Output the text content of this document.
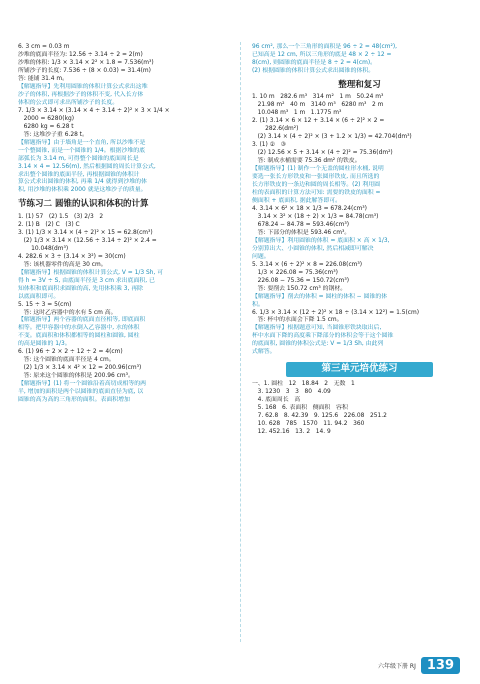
6. 3 cm = 0.03 m
沙堆的底面半径为: 12.56 ÷ 3.14 ÷ 2 = 2(m)
沙堆的体积: 1/3 × 3.14 × 2² × 1.8 = 7.536(m³)
所铺沙子的长度: 7.536 ÷ (8 × 0.03) = 31.4(m)
答: 能铺 31.4 m。
【解题指导】先利用圆锥的体积计算公式求出这堆
沙子的体积, 再根据沙子的体积不变, 代入长方体
体积的公式即可求出所铺沙子的长度。
7. 1/3 × 3.14 × (3.14 × 4 ÷ 3.14 ÷ 2)² × 3 × 1/4 ×
2000 = 6280(kg)
6280 kg = 6.28 t
答: 这堆沙子重 6.28 t。
【解题指导】由于墙角是一个直角, 所以沙堆不是
一个整圆锥, 而是一个圆锥的 1/4。根据沙堆的底
部弧长为 3.14 m, 可得整个圆锥的底面周长是
3.14 × 4 = 12.56(m), 然后根据圆的周长计算公式,
求出整个圆锥的底面半径, 再根据圆锥的体积计
算公式求出圆锥的体积, 再乘 1/4 就得到沙堆的体
积, 用沙堆的体积乘 2000 就是这堆沙子的质量。
节练习二 圆锥的认识和体积的计算
1. (1) 57   (2) 1.5   (3) 2/3   2
2. (1) B   (2) C   (3) C
3. (1) 1/3 × 3.14 × (4 ÷ 2)² × 15 = 62.8(cm³)
(2) 1/3 × 3.14 × (12.56 ÷ 3.14 ÷ 2)² × 2.4 =
10.048(dm³)
4. 282.6 × 3 ÷ (3.14 × 3²) = 30(cm)
答: 该机器零件的高是 30 cm。
【解题指导】根据圆锥的体积计算公式, V = 1/3 Sh, 可
得 h = 3V ÷ S, 由底面半径是 3 cm 求出底面积, 已
知体积和底面积求圆锥的高, 先用体积乘 3, 再除
以底面积即可。
5. 15 ÷ 3 = 5(cm)
答: 这时乙容器中的水有 5 cm 高。
【解题指导】两个容器的底面直径相等, 即底面积
相等。把甲容器中的水倒入乙容器中, 水的体积
不变。底面积和体积都相等的圆柱和圆锥, 圆柱
的高是圆锥的 1/3。
6. (1) 96 ÷ 2 × 2 ÷ 12 ÷ 2 = 4(cm)
答: 这个圆锥的底面半径是 4 cm。
(2) 1/3 × 3.14 × 4² × 12 = 200.96(cm³)
答: 原来这个圆锥的体积是 200.96 cm³。
【解题指导】(1) 将一个圆锥沿着高切成相等的两
半, 增加的面积是两个以圆锥的底面直径为底, 以
圆锥的高为高的三角形的面积。表面积增加
96 cm², 那么一个三角形的面积是 96 ÷ 2 = 48(cm²),
已知高是 12 cm, 所以三角形的底是 48 × 2 ÷ 12 =
8(cm), 则圆锥的底面半径是 8 ÷ 2 = 4(cm)。
(2) 根据圆锥的体积计算公式求出圆锥的体积。
整理和复习
1. 10 m   282.6 m³   314 m²   1 m   50.24 m³
21.98 m²   40 m   3140 m³   6280 m³   2 m
10.048 m³   1 m   1.1775 m³
2. (1) 3.14 × 6 × 12 + 3.14 × (6 ÷ 2)² × 2 =
282.6(dm²)
(2) 3.14 × (4 ÷ 2)² × (3 + 1.2 × 1/3) = 42.704(dm³)
3. (1) ②   ③
(2) 12.56 × 5 + 3.14 × (4 ÷ 2)² = 75.36(dm²)
答: 制成水桶需要 75.36 dm² 的铁皮。
【解题指导】(1) 制作一个无盖的圆柱形水桶, 说明
要选一张长方形铁皮和一张圆形铁皮, 而且所选的
长方形铁皮的一条边和圆的周长相等。(2) 利用圆
柱的表面积的计算方法可知: 需要的铁皮的面积 =
侧面积 + 底面积, 据此解答即可。
4. 3.14 × 6² × 18 × 1/3 = 678.24(cm³)
3.14 × 3² × (18 ÷ 2) × 1/3 = 84.78(cm³)
678.24 − 84.78 = 593.46(cm³)
答: 下部分的体积是 593.46 cm³。
【解题指导】利用圆锥的体积 = 底面积 × 高 × 1/3,
分别算出大、小圆锥的体积, 然后相减即可解决
问题。
5. 3.14 × (6 ÷ 2)² × 8 = 226.08(cm³)
1/3 × 226.08 = 75.36(cm³)
226.08 − 75.36 = 150.72(cm³)
答: 要削去 150.72 cm³ 的钢材。
【解题指导】削去的体积 = 圆柱的体积 − 圆锥的体
积。
6. 1/3 × 3.14 × (12 ÷ 2)² × 18 ÷ (3.14 × 12²) = 1.5(cm)
答: 杯中的水面会下降 1.5 cm。
【解题指导】根据题意可知, 当圆锥形铁块取出后,
杯中水面下降的高度乘下降部分的体积会等于这个圆锥
的底面积, 圆锥的体积公式是: V = 1/3 Sh, 由此列
式解答。
第三单元培优练习
一、1. 圆柱   12   18.84   2   无数   1
3. 1230   3   3   80   4.09
4. 底面周长   高
5. 168   6. 表面积   侧面积   容积
7. 62.8   8. 42.39   9. 125.6   226.08   251.2
10. 628   785   1570   11. 94.2   360
12. 452.16   13. 2   14. 9
六年级下册 RJ 139
